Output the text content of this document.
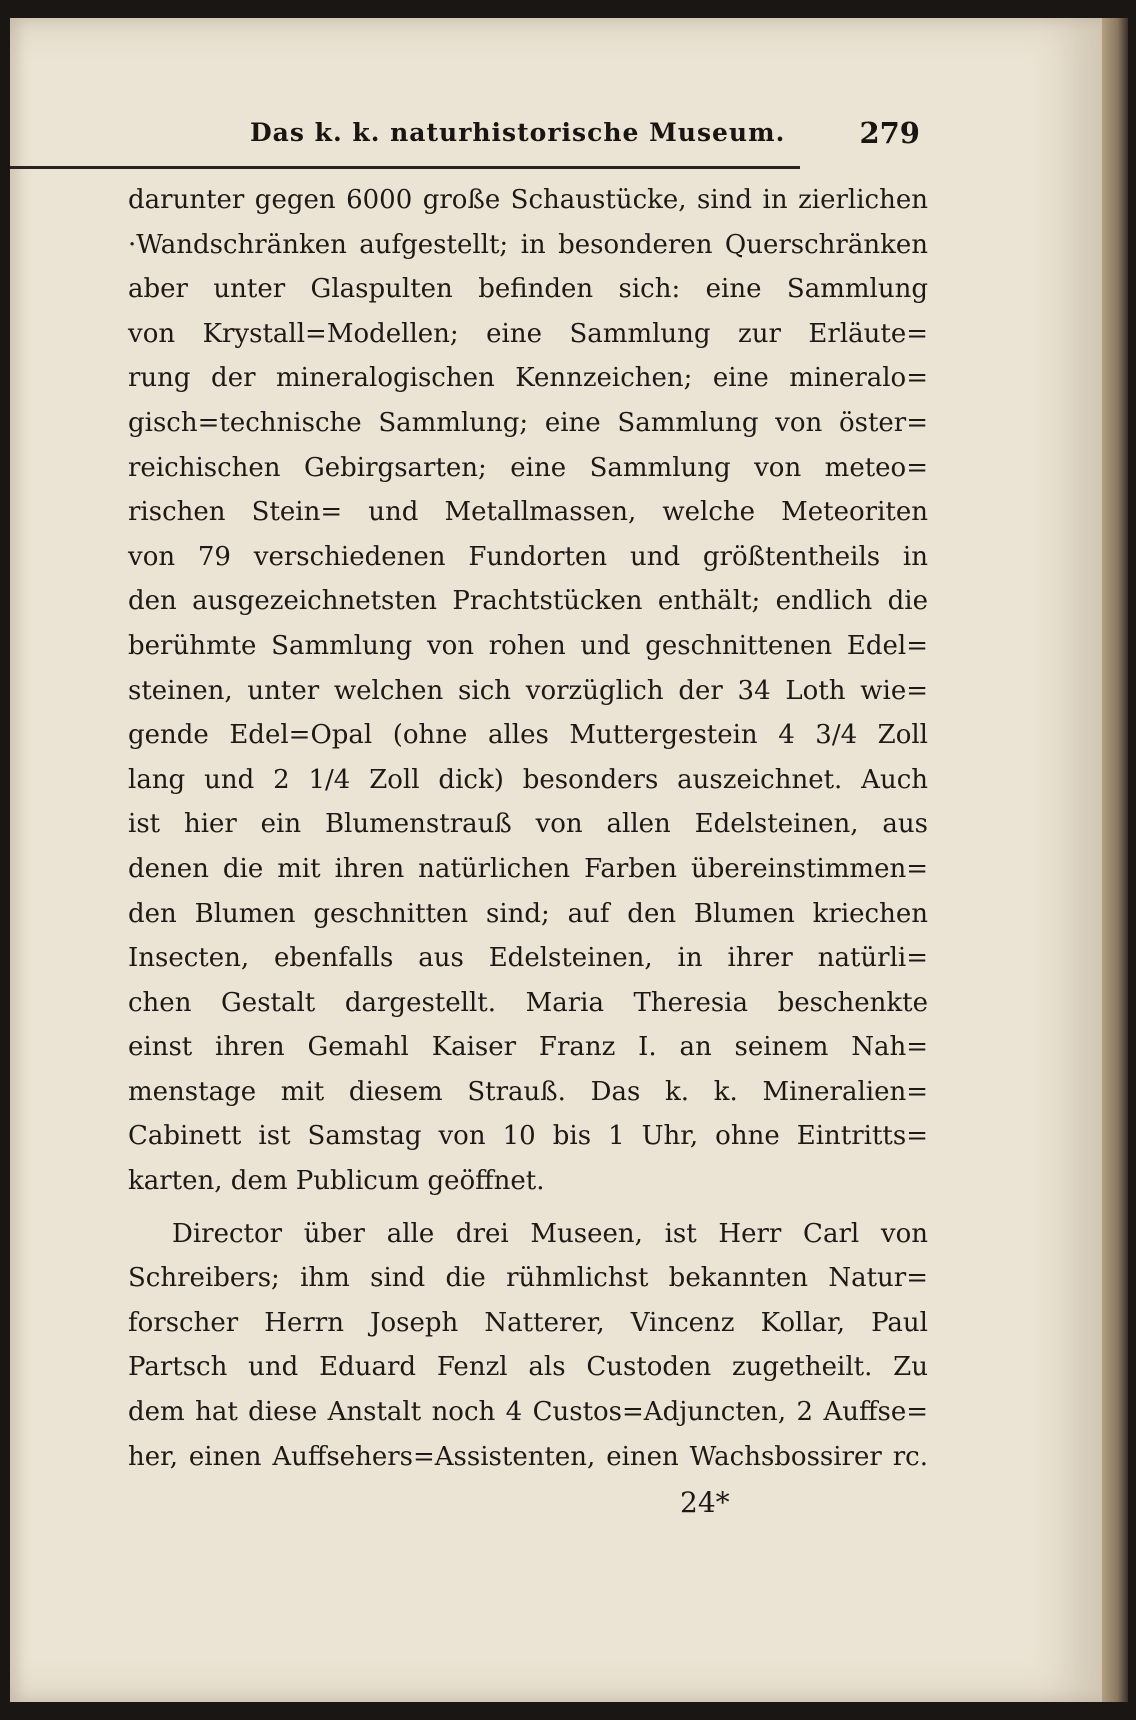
Das k. k. naturhistorische Museum.	279
darunter gegen 6000 große Schaustücke, sind in zierlichen
·Wandschränken aufgestellt; in besonderen Querschränken
aber unter Glaspulten befinden sich: eine Sammlung
von Krystall=Modellen; eine Sammlung zur Erläute=
rung der mineralogischen Kennzeichen; eine mineralo=
gisch=technische Sammlung; eine Sammlung von öster=
reichischen Gebirgsarten; eine Sammlung von meteo=
rischen Stein= und Metallmassen, welche Meteoriten
von 79 verschiedenen Fundorten und größtentheils in
den ausgezeichnetsten Prachtstücken enthält; endlich die
berühmte Sammlung von rohen und geschnittenen Edel=
steinen, unter welchen sich vorzüglich der 34 Loth wie=
gende Edel=Opal (ohne alles Muttergestein 4 3/4 Zoll
lang und 2 1/4 Zoll dick) besonders auszeichnet. Auch
ist hier ein Blumenstrauß von allen Edelsteinen, aus
denen die mit ihren natürlichen Farben übereinstimmen=
den Blumen geschnitten sind; auf den Blumen kriechen
Insecten, ebenfalls aus Edelsteinen, in ihrer natürli=
chen Gestalt dargestellt. Maria Theresia beschenkte
einst ihren Gemahl Kaiser Franz I. an seinem Nah=
menstage mit diesem Strauß. Das k. k. Mineralien=
Cabinett ist Samstag von 10 bis 1 Uhr, ohne Eintritts=
karten, dem Publicum geöffnet.
Director über alle drei Museen, ist Herr Carl von
Schreibers; ihm sind die rühmlichst bekannten Natur=
forscher Herrn Joseph Natterer, Vincenz Kollar, Paul
Partsch und Eduard Fenzl als Custoden zugetheilt. Zu
dem hat diese Anstalt noch 4 Custos=Adjuncten, 2 Auffse=
her, einen Auffsehers=Assistenten, einen Wachsbossirer rc.
24*
